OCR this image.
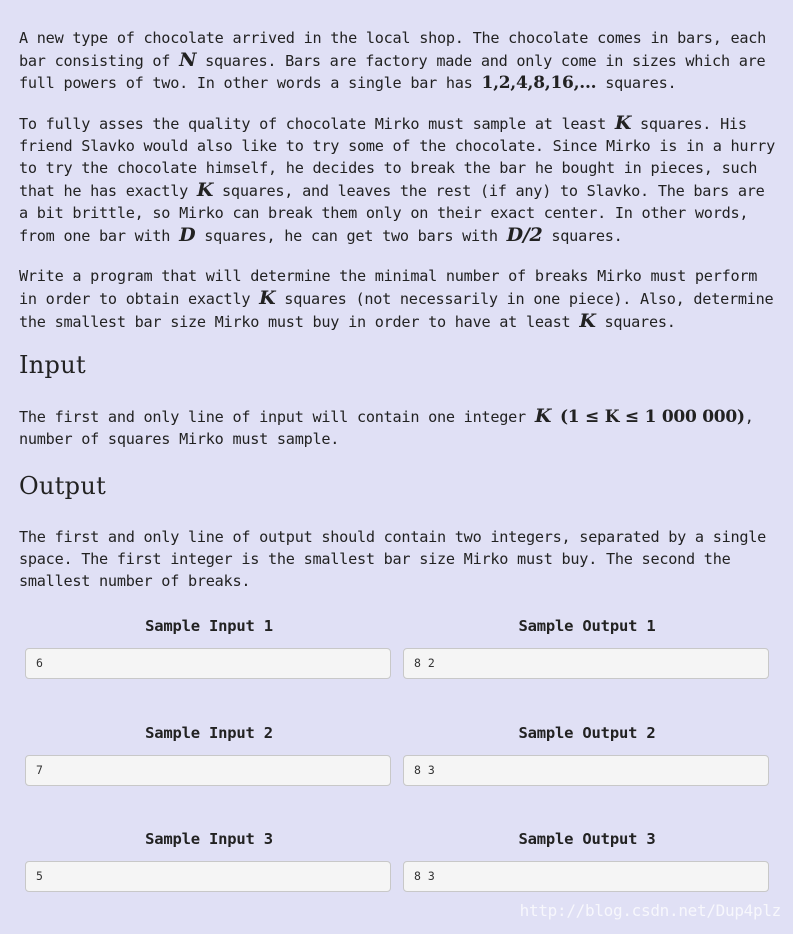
A new type of chocolate arrived in the local shop. The chocolate comes in bars, each bar consisting of N squares. Bars are factory made and only come in sizes which are full powers of two. In other words a single bar has 1,2,4,8,16,... squares.

To fully asses the quality of chocolate Mirko must sample at least K squares. His friend Slavko would also like to try some of the chocolate. Since Mirko is in a hurry to try the chocolate himself, he decides to break the bar he bought in pieces, such that he has exactly K squares, and leaves the rest (if any) to Slavko. The bars are a bit brittle, so Mirko can break them only on their exact center. In other words, from one bar with D squares, he can get two bars with D/2 squares.

Write a program that will determine the minimal number of breaks Mirko must perform in order to obtain exactly K squares (not necessarily in one piece). Also, determine the smallest bar size Mirko must buy in order to have at least K squares.

Input

The first and only line of input will contain one integer K (1 ≤ K ≤ 1 000 000), number of squares Mirko must sample.

Output

The first and only line of output should contain two integers, separated by a single space. The first integer is the smallest bar size Mirko must buy. The second the smallest number of breaks.

Sample Input 1	Sample Output 1
6	8 2
Sample Input 2	Sample Output 2
7	8 3
Sample Input 3	Sample Output 3
5	8 3
http://blog.csdn.net/Dup4plz
